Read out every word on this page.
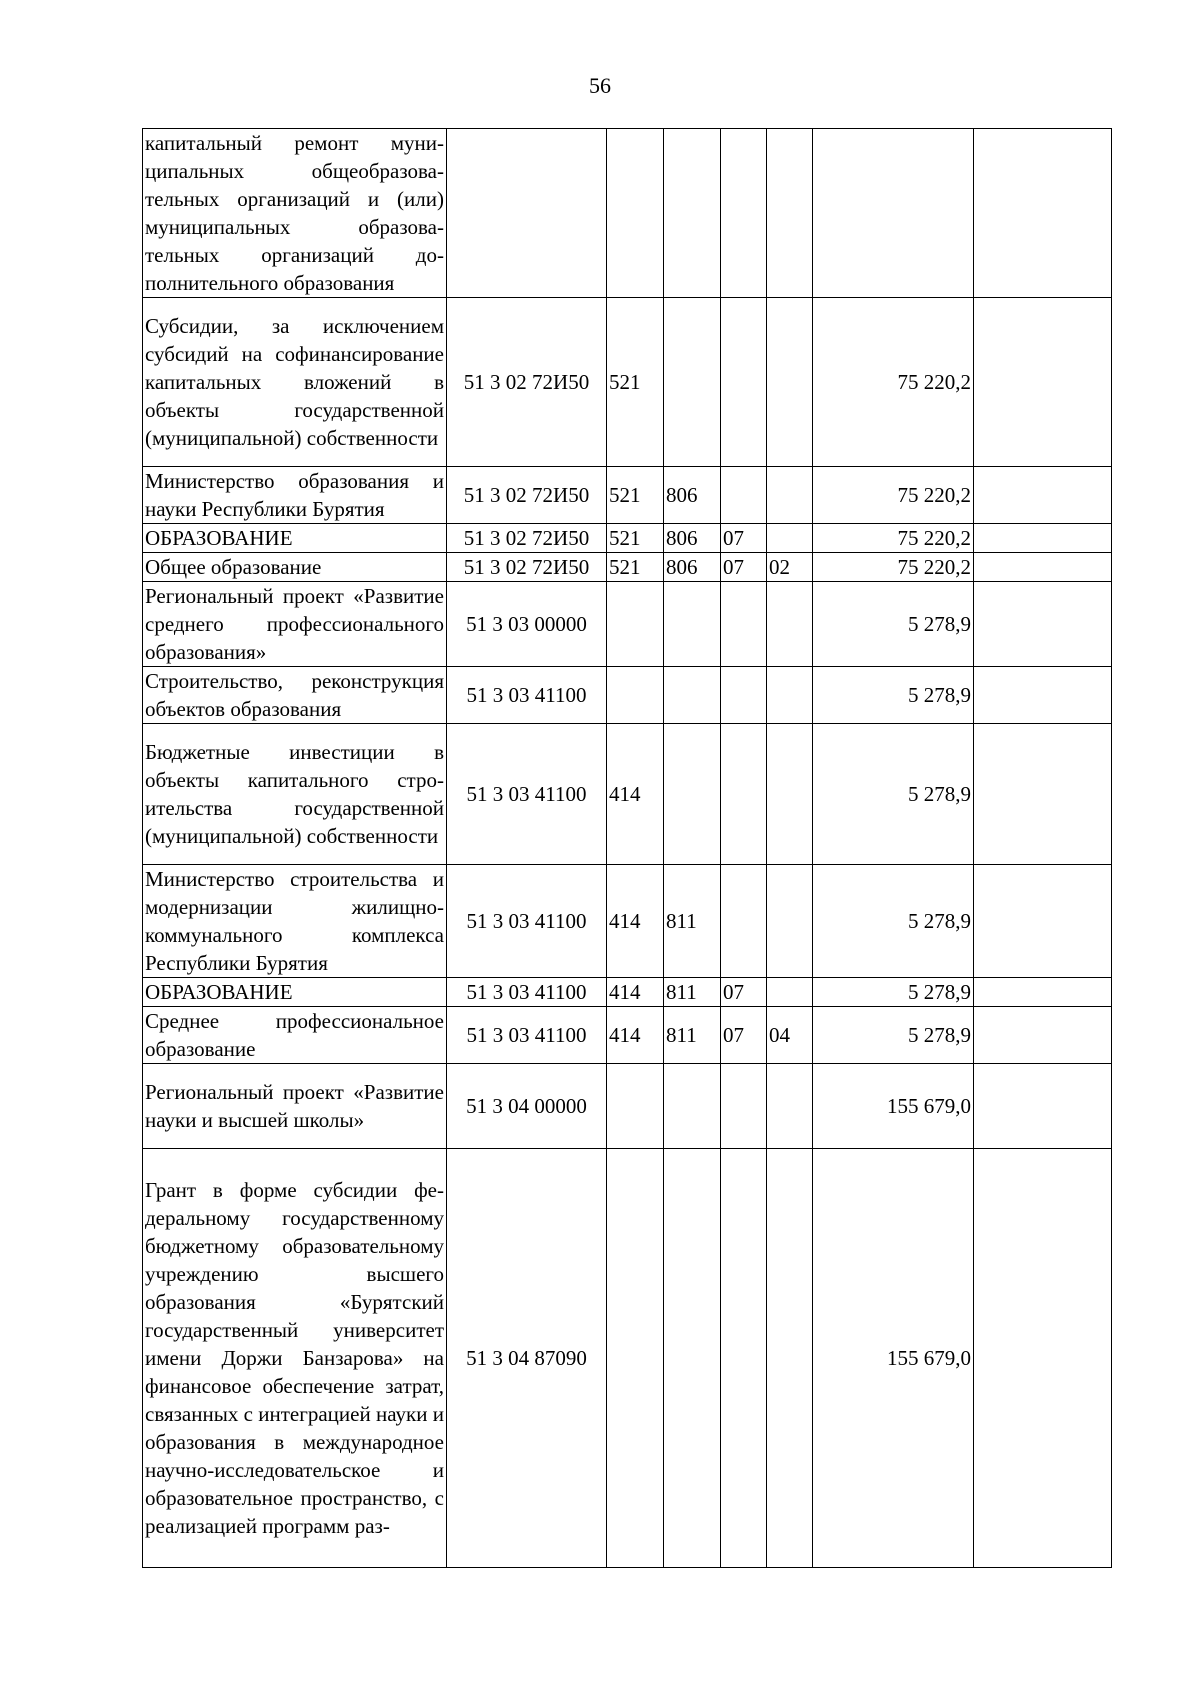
56
капитальный ремонт муниципальных общеобразовательных организаций и (или) муниципальных образовательных организаций дополнительного образования							
Субсидии, за исключением субсидий на софинансирование капитальных вложений в объекты государственной (муниципальной) собственности	51 3 02 72И50	521				75 220,2	
Министерство образования и науки Республики Бурятия	51 3 02 72И50	521	806			75 220,2	
ОБРАЗОВАНИЕ	51 3 02 72И50	521	806	07		75 220,2	
Общее образование	51 3 02 72И50	521	806	07	02	75 220,2	
Региональный проект «Развитие среднего профессионального образования»	51 3 03 00000					5 278,9	
Строительство, реконструкция объектов образования	51 3 03 41100					5 278,9	
Бюджетные инвестиции в объекты капитального строительства государственной (муниципальной) собственности	51 3 03 41100	414				5 278,9	
Министерство строительства и модернизации жилищно-коммунального комплекса Республики Бурятия	51 3 03 41100	414	811			5 278,9	
ОБРАЗОВАНИЕ	51 3 03 41100	414	811	07		5 278,9	
Среднее профессиональное образование	51 3 03 41100	414	811	07	04	5 278,9	
Региональный проект «Развитие науки и высшей школы»	51 3 04 00000					155 679,0	
Грант в форме субсидии федеральному государственному бюджетному образовательному учреждению высшего образования «Бурятский государственный университет имени Доржи Банзарова» на финансовое обеспечение затрат, связанных с интеграцией науки и образования в международное научно-исследовательское и образовательное пространство, с реализацией программ раз-	51 3 04 87090					155 679,0	
